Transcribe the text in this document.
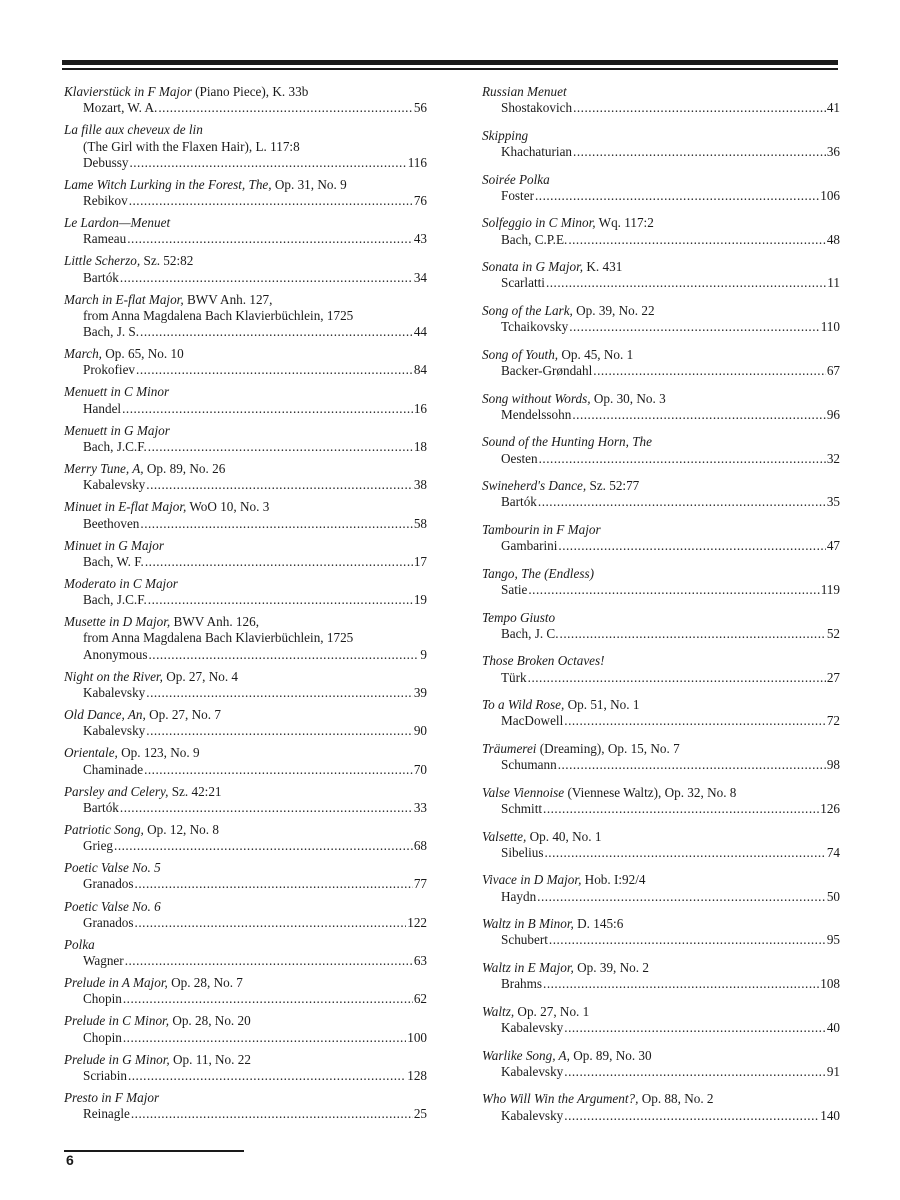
Klavierstück in F Major (Piano Piece), K. 33b
Mozart, W. A. .....	56
La fille aux cheveux de lin
(The Girl with the Flaxen Hair), L. 117:8
Debussy .....	116
Lame Witch Lurking in the Forest, The, Op. 31, No. 9
Rebikov .....	76
Le Lardon—Menuet
Rameau .....	43
Little Scherzo, Sz. 52:82
Bartók .....	34
March in E-flat Major, BWV Anh. 127,
from Anna Magdalena Bach Klavierbüchlein, 1725
Bach, J. S. .....	44
March, Op. 65, No. 10
Prokofiev .....	84
Menuett in C Minor
Handel .....	16
Menuett in G Major
Bach, J.C.F. .....	18
Merry Tune, A, Op. 89, No. 26
Kabalevsky .....	38
Minuet in E-flat Major, WoO 10, No. 3
Beethoven .....	58
Minuet in G Major
Bach, W. F. .....	17
Moderato in C Major
Bach, J.C.F. .....	19
Musette in D Major, BWV Anh. 126,
from Anna Magdalena Bach Klavierbüchlein, 1725
Anonymous .....	9
Night on the River, Op. 27, No. 4
Kabalevsky .....	39
Old Dance, An, Op. 27, No. 7
Kabalevsky .....	90
Orientale, Op. 123, No. 9
Chaminade .....	70
Parsley and Celery, Sz. 42:21
Bartók .....	33
Patriotic Song, Op. 12, No. 8
Grieg .....	68
Poetic Valse No. 5
Granados .....	77
Poetic Valse No. 6
Granados .....	122
Polka
Wagner .....	63
Prelude in A Major, Op. 28, No. 7
Chopin .....	62
Prelude in C Minor, Op. 28, No. 20
Chopin .....	100
Prelude in G Minor, Op. 11, No. 22
Scriabin .....	128
Presto in F Major
Reinagle .....	25
Russian Menuet
Shostakovich .....	41
Skipping
Khachaturian .....	36
Soirée Polka
Foster .....	106
Solfeggio in C Minor, Wq. 117:2
Bach, C.P.E. .....	48
Sonata in G Major, K. 431
Scarlatti .....	11
Song of the Lark, Op. 39, No. 22
Tchaikovsky .....	110
Song of Youth, Op. 45, No. 1
Backer-Grøndahl .....	67
Song without Words, Op. 30, No. 3
Mendelssohn .....	96
Sound of the Hunting Horn, The
Oesten .....	32
Swineherd's Dance, Sz. 52:77
Bartók .....	35
Tambourin in F Major
Gambarini .....	47
Tango, The (Endless)
Satie .....	119
Tempo Giusto
Bach, J. C. .....	52
Those Broken Octaves!
Türk .....	27
To a Wild Rose, Op. 51, No. 1
MacDowell .....	72
Träumerei (Dreaming), Op. 15, No. 7
Schumann .....	98
Valse Viennoise (Viennese Waltz), Op. 32, No. 8
Schmitt .....	126
Valsette, Op. 40, No. 1
Sibelius .....	74
Vivace in D Major, Hob. I:92/4
Haydn .....	50
Waltz in B Minor, D. 145:6
Schubert .....	95
Waltz in E Major, Op. 39, No. 2
Brahms .....	108
Waltz, Op. 27, No. 1
Kabalevsky .....	40
Warlike Song, A, Op. 89, No. 30
Kabalevsky .....	91
Who Will Win the Argument?, Op. 88, No. 2
Kabalevsky .....	140
6
